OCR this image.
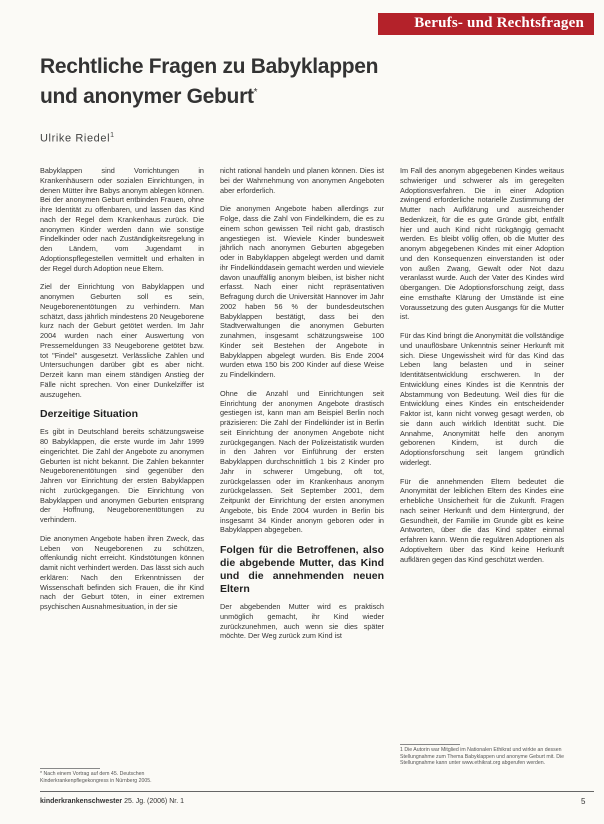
Berufs- und Rechtsfragen
Rechtliche Fragen zu Babyklappen
und anonymer Geburt*
Ulrike Riedel$^1$

Babyklappen sind Vorrichtungen in Krankenhäusern oder sozialen Einrichtungen, in denen Mütter ihre Babys anonym ablegen können. Bei der anonymen Geburt entbinden Frauen, ohne ihre Identität zu offenbaren, und lassen das Kind nach der Regel dem Krankenhaus zurück. Die anonymen Kinder werden dann wie sonstige Findelkinder oder nach Zuständigkeitsregelung in den Ländern, vom Jugendamt in Adoptionspflegestellen vermittelt und erhalten in der Regel durch Adoption neue Eltern.

Ziel der Einrichtung von Babyklappen und anonymen Geburten soll es sein, Neugeborenentötungen zu verhindern. Man schätzt, dass jährlich mindestens 20 Neugeborene kurz nach der Geburt getötet werden. Im Jahr 2004 wurden nach einer Auswertung von Pressemeldungen 33 Neugeborene getötet bzw. tot "Findel" ausgesetzt. Verlässliche Zahlen und Untersuchungen darüber gibt es aber nicht. Derzeit kann man einem ständigen Anstieg der Fälle nicht sprechen. Von einer Dunkelziffer ist auszugehen.

Derzeitige Situation

Es gibt in Deutschland bereits schätzungsweise 80 Babyklappen, die erste wurde im Jahr 1999 eingerichtet. Die Zahl der Angebote zu anonymen Geburten ist nicht bekannt. Die Zahlen bekannter Neugeborenentötungen sind gegenüber den Jahren vor Einrichtung der ersten Babyklappen nicht zurückgegangen. Die Einrichtung von Babyklappen und anonymen Geburten entsprang der Hoffnung, Neugeborenentötungen zu verhindern.

Die anonymen Angebote haben ihren Zweck, das Leben von Neugeborenen zu schützen, offenkundig nicht erreicht. Kindstötungen können damit nicht verhindert werden. Das lässt sich auch erklären: Nach den Erkenntnissen der Wissenschaft befinden sich Frauen, die ihr Kind nach der Geburt töten, in einer extremen psychischen Ausnahmesituation, in der sie

nicht rational handeln und planen können. Dies ist bei der Wahrnehmung von anonymen Angeboten aber erforderlich.

Die anonymen Angebote haben allerdings zur Folge, dass die Zahl von Findelkindern, die es zu einem schon gewissen Teil nicht gab, drastisch angestiegen ist. Wieviele Kinder bundesweit jährlich nach anonymen Geburten abgegeben oder in Babyklappen abgelegt werden und damit ihr Findelkinddasein gemacht werden und wieviele davon unauffällig anonym bleiben, ist bisher nicht erfasst. Nach einer nicht repräsentativen Befragung durch die Universität Hannover im Jahr 2002 haben 56 % der bundesdeutschen Babyklappen bestätigt, dass bei den Stadtverwaltungen die anonymen Geburten zunahmen, insgesamt schätzungsweise 100 Kinder seit Bestehen der Angebote in Babyklappen abgelegt wurden. Bis Ende 2004 wurden etwa 150 bis 200 Kinder auf diese Weise zu Findelkindern.

Ohne die Anzahl und Einrichtungen seit Einrichtung der anonymen Angebote drastisch gestiegen ist, kann man am Beispiel Berlin noch präzisieren: Die Zahl der Findelkinder ist in Berlin seit Einrichtung der anonymen Angebote nicht zurückgegangen. Nach der Polizeistatistik wurden in den Jahren vor Einführung der ersten Babyklappen durchschnittlich 1 bis 2 Kinder pro Jahr in schwerer Umgebung, oft tot, zurückgelassen oder im Krankenhaus anonym zurückgelassen. Seit September 2001, dem Zeitpunkt der Einrichtung der ersten anonymen Angebote, bis Ende 2004 wurden in Berlin bis insgesamt 34 Kinder anonym geboren oder in Babyklappen abgegeben.

Folgen für die Betroffenen, also die abgebende Mutter, das Kind und die annehmenden neuen Eltern

Der abgebenden Mutter wird es praktisch unmöglich gemacht, ihr Kind wieder zurückzunehmen, auch wenn sie dies später möchte. Der Weg zurück zum Kind ist

Im Fall des anonym abgegebenen Kindes weitaus schwieriger und schwerer als im geregelten Adoptionsverfahren. Die in einer Adoption zwingend erforderliche notarielle Zustimmung der Mutter nach Aufklärung und ausreichender Bedenkzeit, für die es gute Gründe gibt, entfällt hier und auch Kind nicht rückgängig gemacht werden. Es bleibt völlig offen, ob die Mutter des anonym abgegebenen Kindes mit einer Adoption und den Konsequenzen einverstanden ist oder von außen Zwang, Gewalt oder Not dazu veranlasst wurde. Auch der Vater des Kindes wird übergangen. Die Adoptionsforschung zeigt, dass eine ernsthafte Klärung der Umstände ist eine Voraussetzung des guten Ausgangs für die Mutter ist.

Für das Kind bringt die Anonymität die vollständige und unauflösbare Unkenntnis seiner Herkunft mit sich. Diese Ungewissheit wird für das Kind das Leben lang belasten und in seiner Identitätsentwicklung erschweren. In der Entwicklung eines Kindes ist die Kenntnis der Abstammung von Bedeutung. Weil dies für die Entwicklung eines Kindes ein entscheidender Faktor ist, kann nicht vorweg gesagt werden, ob sie dann auch wirklich Identität sucht. Die Annahme, Anonymität helfe den anonym geborenen Kindern, ist durch die Adoptionsforschung seit langem gründlich widerlegt.

Für die annehmenden Eltern bedeutet die Anonymität der leiblichen Eltern des Kindes eine erhebliche Unsicherheit für die Zukunft. Fragen nach seiner Herkunft und dem Hintergrund, der Gesundheit, der Familie im Grunde gibt es keine Antworten, über die das Kind später einmal erfahren kann. Wenn die regulären Adoptionen als Adoptiveltern über das Kind keine Herkunft aufklären gegen das Kind geschützt werden.

* Nach einem Vortrag auf dem 45. Deutschen Kinderkrankenpflegekongress in Nürnberg 2005.
1 Die Autorin war Mitglied im Nationalen Ethikrat und wirkte an dessen Stellungnahme zum Thema Babyklappen und anonyme Geburt mit. Die Stellungnahme kann unter www.ethikrat.org abgerufen werden.
kinderkrankenschwester 25. Jg. (2006) Nr. 1	5
